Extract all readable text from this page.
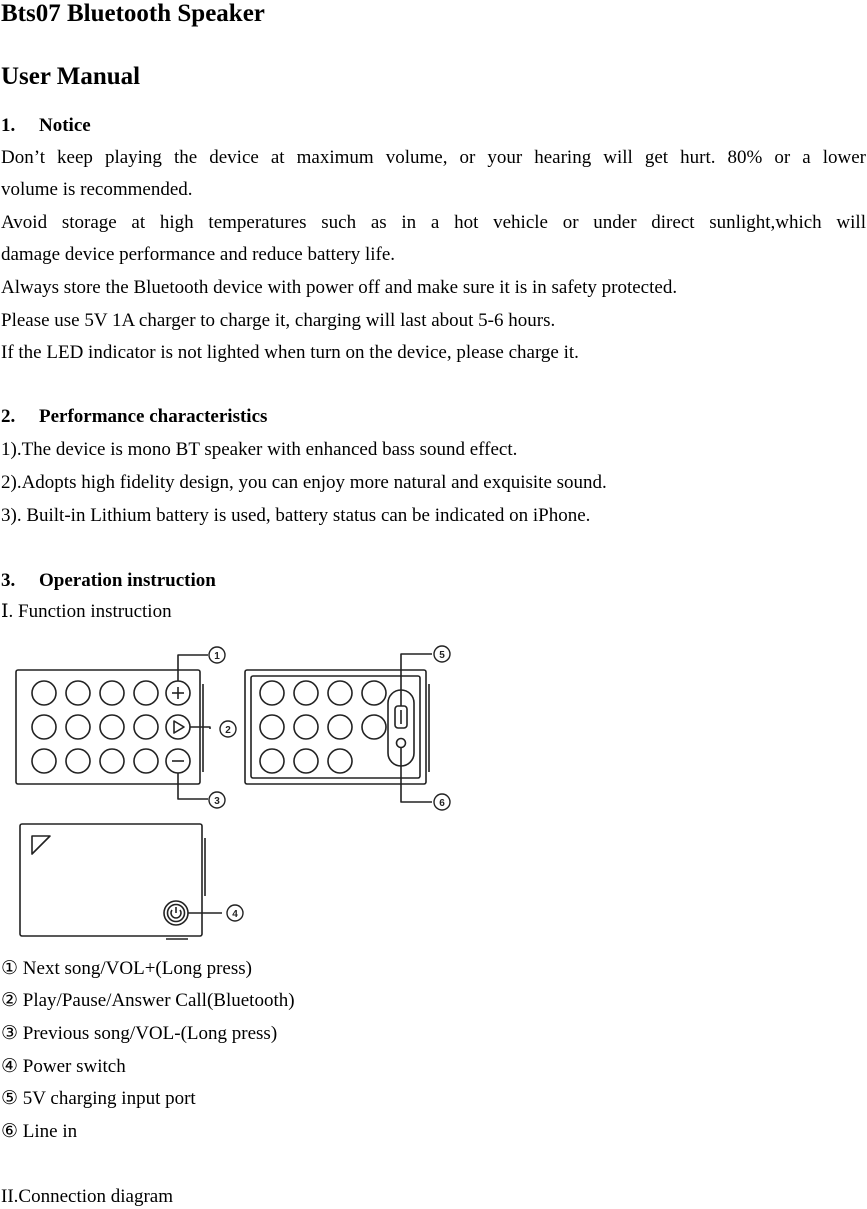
Bts07 Bluetooth Speaker
User Manual
1. Notice
Don’t keep playing the device at maximum volume, or your hearing will get hurt. 80% or a lower
volume is recommended.
Avoid storage at high temperatures such as in a hot vehicle or under direct sunlight,which will
damage device performance and reduce battery life.
Always store the Bluetooth device with power off and make sure it is in safety protected.
Please use 5V 1A charger to charge it, charging will last about 5-6 hours.
If the LED indicator is not lighted when turn on the device, please charge it.
2. Performance characteristics
1).The device is mono BT speaker with enhanced bass sound effect.
2).Adopts high fidelity design, you can enjoy more natural and exquisite sound.
3). Built-in Lithium battery is used, battery status can be indicated on iPhone.
3. Operation instruction
Ⅰ. Function instruction
1
2
3
4
5
6
① Next song/VOL+(Long press)
② Play/Pause/Answer Call(Bluetooth)
③ Previous song/VOL-(Long press)
④ Power switch
⑤ 5V charging input port
⑥ Line in
II.Connection diagram
